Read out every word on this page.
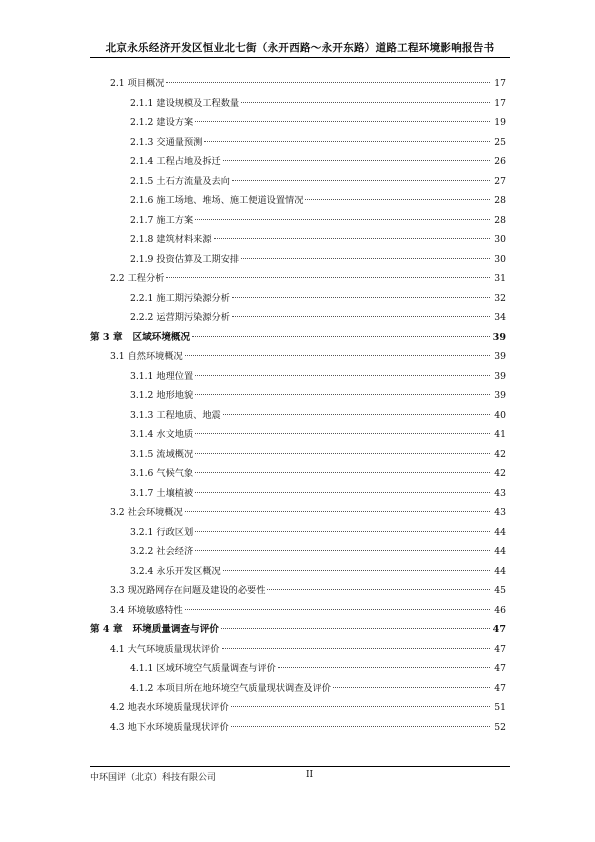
北京永乐经济开发区恒业北七街（永开西路～永开东路）道路工程环境影响报告书
2.1 项目概况	17
2.1.1 建设规模及工程数量	17
2.1.2 建设方案	19
2.1.3 交通量预测	25
2.1.4 工程占地及拆迁	26
2.1.5 土石方流量及去向	27
2.1.6 施工场地、堆场、施工便道设置情况	28
2.1.7 施工方案	28
2.1.8 建筑材料来源	30
2.1.9 投资估算及工期安排	30
2.2 工程分析	31
2.2.1 施工期污染源分析	32
2.2.2 运营期污染源分析	34
第 3 章 区域环境概况	39
3.1 自然环境概况	39
3.1.1 地理位置	39
3.1.2 地形地貌	39
3.1.3 工程地质、地震	40
3.1.4 水文地质	41
3.1.5 流域概况	42
3.1.6 气候气象	42
3.1.7 土壤植被	43
3.2 社会环境概况	43
3.2.1 行政区划	44
3.2.2 社会经济	44
3.2.4 永乐开发区概况	44
3.3 现况路网存在问题及建设的必要性	45
3.4 环境敏感特性	46
第 4 章 环境质量调查与评价	47
4.1 大气环境质量现状评价	47
4.1.1 区域环境空气质量调查与评价	47
4.1.2 本项目所在地环境空气质量现状调查及评价	47
4.2 地表水环境质量现状评价	51
4.3 地下水环境质量现状评价	52
中环国评（北京）科技有限公司	II
